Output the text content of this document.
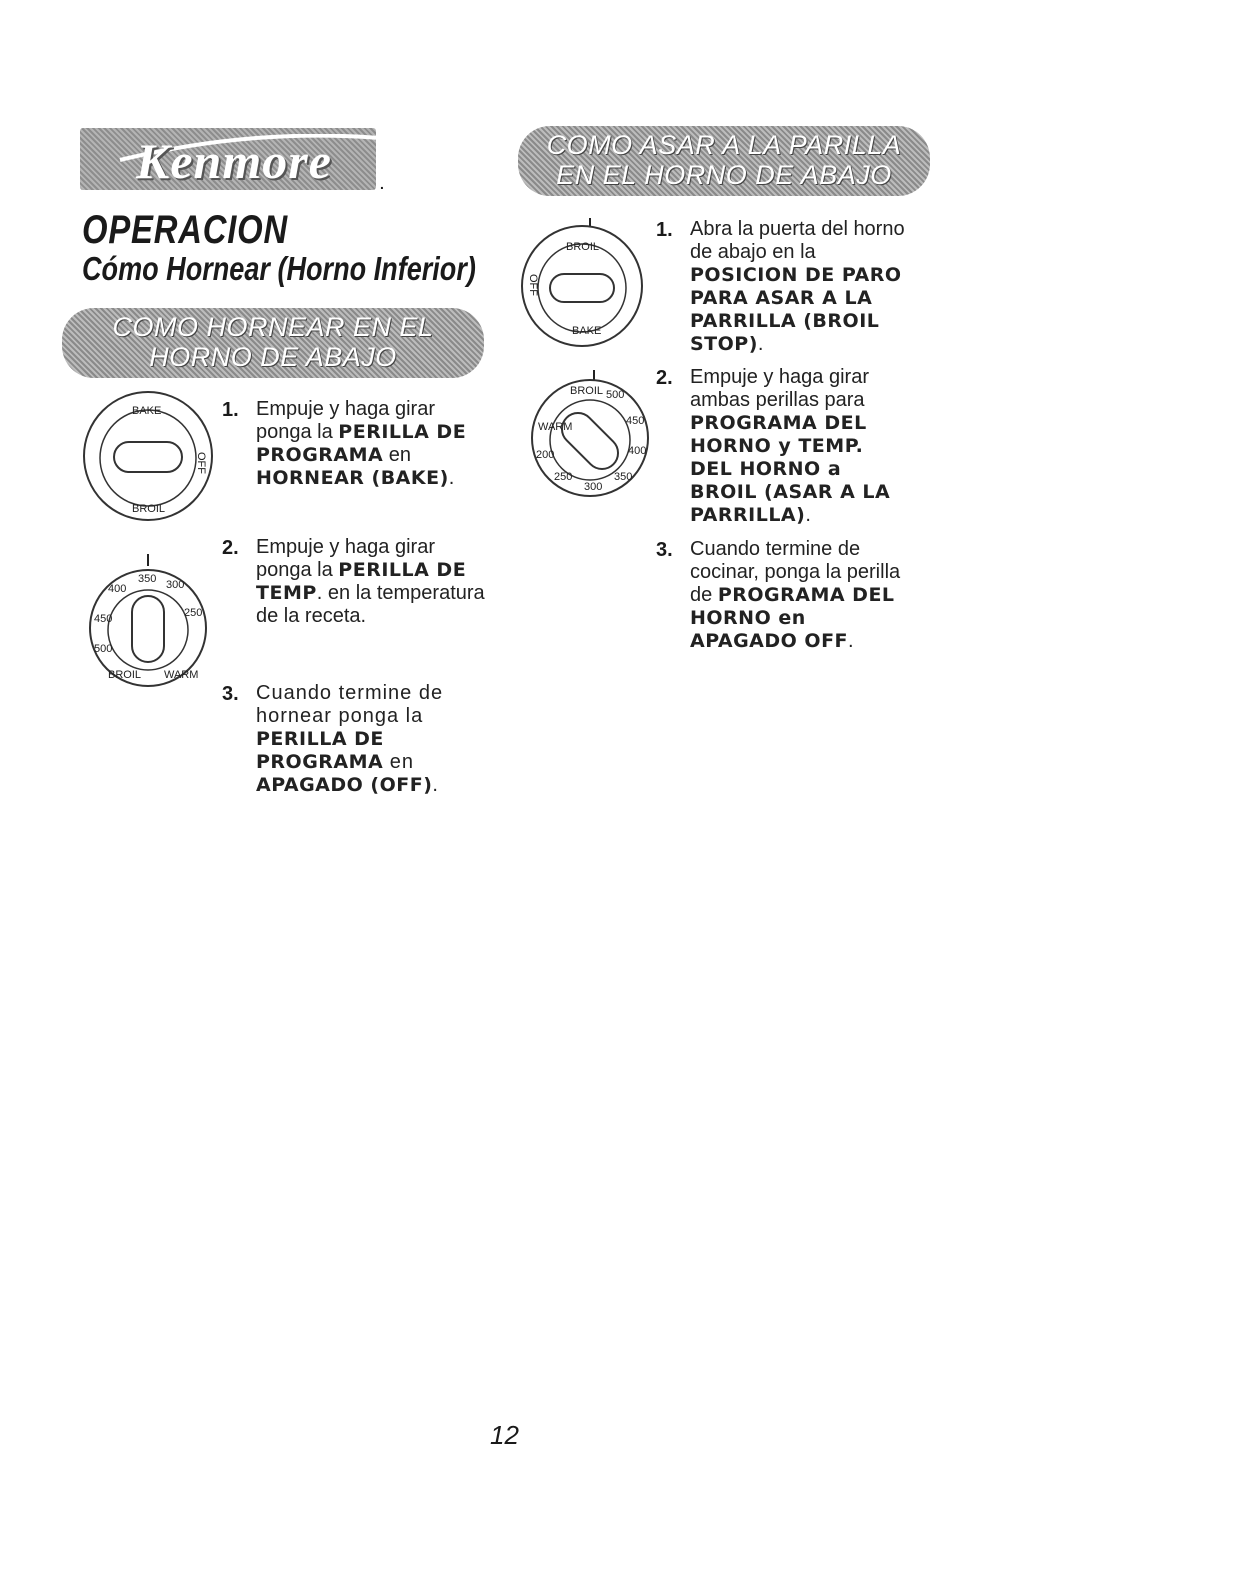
Kenmore	.
OPERACION
Cómo Hornear (Horno Inferior)
COMO HORNEAR EN EL
HORNO DE ABAJO
COMO ASAR A LA PARILLA
EN EL HORNO DE ABAJO
BAKE
OFF
BROIL
350 300
250
400
450
500
BROIL WARM
BROIL
OFF
BAKE
BROIL 500
450
400
350
300
250
200
WARM
1. Empuje y haga girar ponga la PERILLA DE PROGRAMA en HORNEAR (BAKE).
2. Empuje y haga girar ponga la PERILLA DE TEMP. en la temperatura de la receta.
3. Cuando termine de hornear ponga la PERILLA DE PROGRAMA en APAGADO (OFF).
1. Abra la puerta del horno de abajo en la POSICION DE PARO PARA ASAR A LA PARRILLA (BROIL STOP).
2. Empuje y haga girar ambas perillas para PROGRAMA DEL HORNO y TEMP. DEL HORNO a BROIL (ASAR A LA PARRILLA).
3. Cuando termine de cocinar, ponga la perilla de PROGRAMA DEL HORNO en APAGADO OFF.
12
